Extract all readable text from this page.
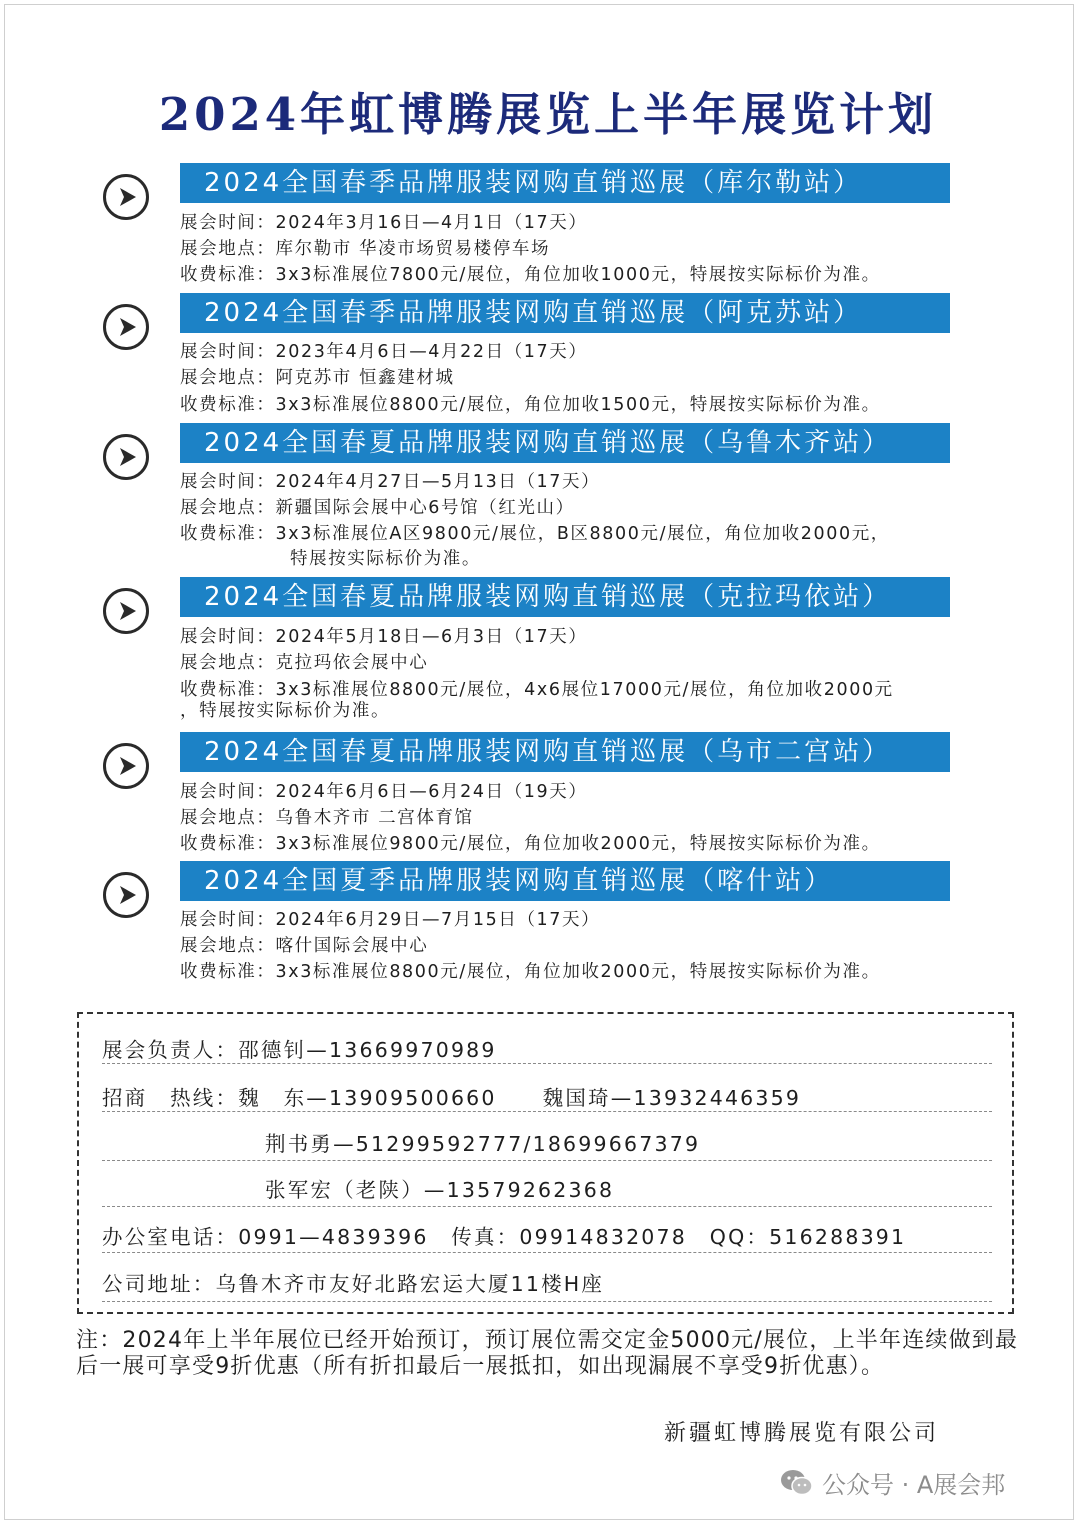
2024年虹博腾展览上半年展览计划
2024全国春季品牌服装网购直销巡展（库尔勒站）
展会时间：2024年3月16日—4月1日（17天）
展会地点：库尔勒市 华凌市场贸易楼停车场
收费标准：3x3标准展位7800元/展位，角位加收1000元，特展按实际标价为准。
2024全国春季品牌服装网购直销巡展（阿克苏站）
展会时间：2023年4月6日—4月22日（17天）
展会地点：阿克苏市 恒鑫建材城
收费标准：3x3标准展位8800元/展位，角位加收1500元，特展按实际标价为准。
2024全国春夏品牌服装网购直销巡展（乌鲁木齐站）
展会时间：2024年4月27日—5月13日（17天）
展会地点：新疆国际会展中心6号馆（红光山）
收费标准：3x3标准展位A区9800元/展位，B区8800元/展位，角位加收2000元，
特展按实际标价为准。
2024全国春夏品牌服装网购直销巡展（克拉玛依站）
展会时间：2024年5月18日—6月3日（17天）
展会地点：克拉玛依会展中心
收费标准：3x3标准展位8800元/展位，4x6展位17000元/展位，角位加收2000元
，特展按实际标价为准。
2024全国春夏品牌服装网购直销巡展（乌市二宫站）
展会时间：2024年6月6日—6月24日（19天）
展会地点：乌鲁木齐市 二宫体育馆
收费标准：3x3标准展位9800元/展位，角位加收2000元，特展按实际标价为准。
2024全国夏季品牌服装网购直销巡展（喀什站）
展会时间：2024年6月29日—7月15日（17天）
展会地点：喀什国际会展中心
收费标准：3x3标准展位8800元/展位，角位加收2000元，特展按实际标价为准。
展会负责人：邵德钊—13669970989
招商　热线：魏　东—13909500660 魏国琦—13932446359
荆书勇—51299592777/18699667379
张军宏（老陕）—13579262368
办公室电话：0991—4839396　传真：09914832078　QQ：516288391
公司地址：乌鲁木齐市友好北路宏运大厦11楼H座
注：2024年上半年展位已经开始预订，预订展位需交定金5000元/展位，上半年连续做到最后一展可享受9折优惠（所有折扣最后一展抵扣，如出现漏展不享受9折优惠）。
新疆虹博腾展览有限公司
公众号 · A展会邦
